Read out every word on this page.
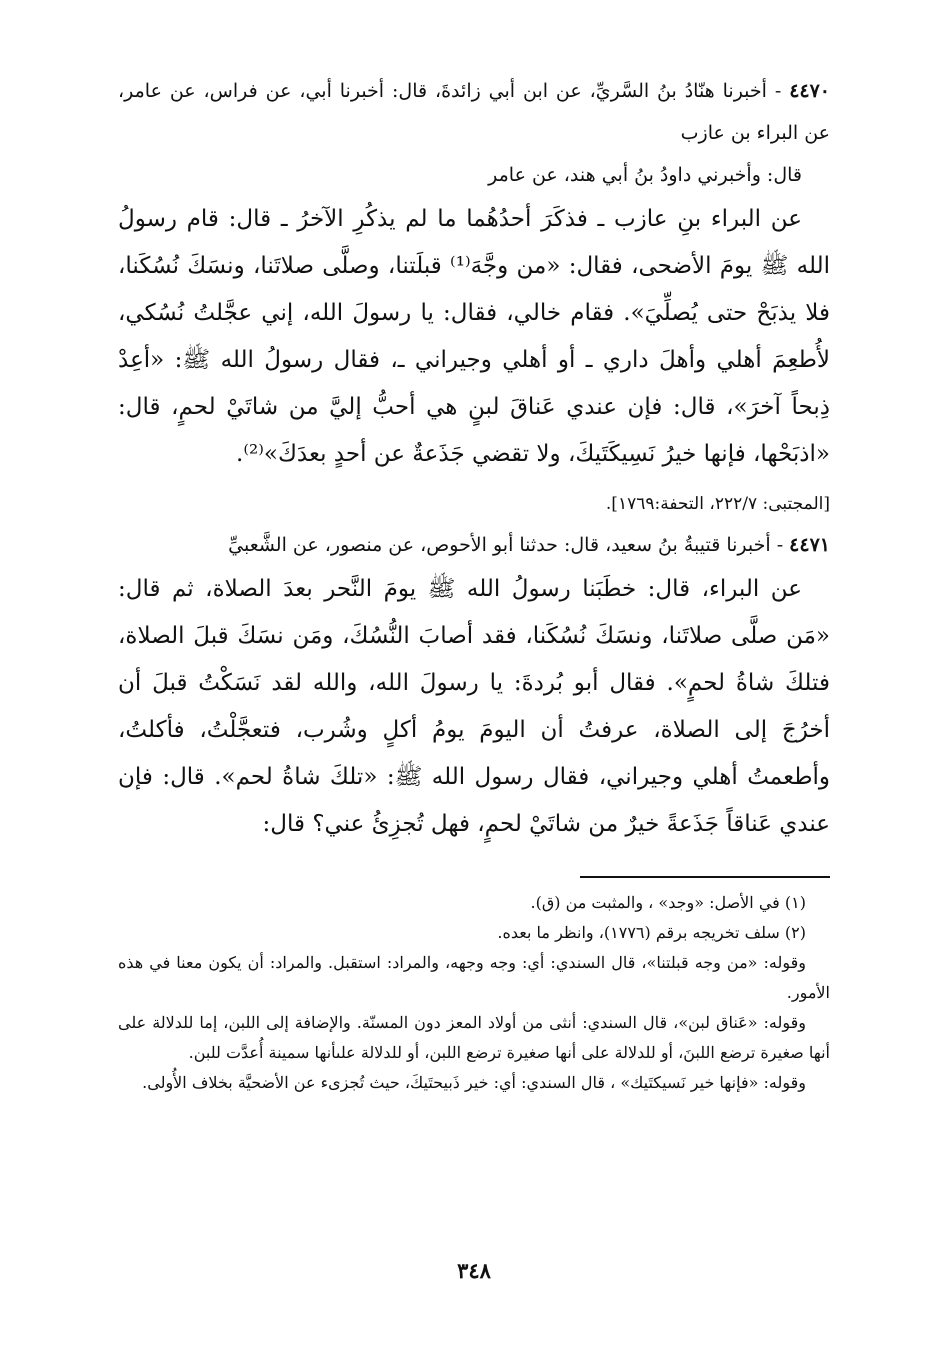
٤٤٧٠ - أخبرنا هنّادُ بنُ السَّريِّ، عن ابن أبي زائدةَ، قال: أخبرنا أبي، عن فراس، عن عامر، عن البراء بن عازب

قال: وأخبرني داودُ بنُ أبي هند، عن عامر

عن البراء بنِ عازب ـ فذكَرَ أحدُهُما ما لم يذكُرِ الآخرُ ـ قال: قام رسولُ الله ﷺ يومَ الأضحى، فقال: «من وجَّهَ⁽¹⁾ قبلَتنا، وصلَّى صلاتَنا، ونسَكَ نُسُكَنا، فلا يذبَحْ حتى يُصلِّيَ». فقام خالي، فقال: يا رسولَ الله، إني عجَّلتُ نُسُكي، لأُطعِمَ أهلي وأهلَ داري ـ أو أهلي وجيراني ـ، فقال رسولُ الله ﷺ: «أعِدْ ذِبحاً آخرَ»، قال: فإن عندي عَناقَ لبنٍ هي أحبُّ إليَّ من شاتَيْ لحمٍ، قال: «اذبَحْها، فإنها خيرُ نَسِيكَتَيكَ، ولا تقضي جَذَعةٌ عن أحدٍ بعدَكَ»⁽²⁾.

[المجتبى: ٢٢٢/٧، التحفة:١٧٦٩].

٤٤٧١ - أخبرنا قتيبةُ بنُ سعيد، قال: حدثنا أبو الأحوص، عن منصور، عن الشَّعبيِّ

عن البراء، قال: خطَبَنا رسولُ الله ﷺ يومَ النَّحر بعدَ الصلاة، ثم قال: «مَن صلَّى صلاتَنا، ونسَكَ نُسُكَنا، فقد أصابَ النُّسُكَ، ومَن نسَكَ قبلَ الصلاة، فتلكَ شاةُ لحمٍ». فقال أبو بُردةَ: يا رسولَ الله، والله لقد نَسَكْتُ قبلَ أن أخرُجَ إلى الصلاة، عرفتُ أن اليومَ يومُ أكلٍ وشُرب، فتعجَّلْتُ، فأكلتُ، وأطعمتُ أهلي وجيراني، فقال رسول الله ﷺ: «تلكَ شاةُ لحم». قال: فإن عندي عَناقاً جَذَعةً خيرٌ من شاتَيْ لحمٍ، فهل تُجزِئُ عني؟ قال:

(١) في الأصل: «وجد» ، والمثبت من (ق).

(٢) سلف تخريجه برقم (١٧٧٦)، وانظر ما بعده.

وقوله: «من وجه قبلتنا»، قال السندي: أي: وجه وجهه، والمراد: استقبل. والمراد: أن يكون معنا في هذه الأمور.

وقوله: «عَناق لبن»، قال السندي: أنثى من أولاد المعز دون المسنّة. والإضافة إلى اللبن، إما للدلالة على أنها صغيرة ترضع اللبنَ، أو للدلالة على أنها صغيرة ترضع اللبن، أو للدلالة علىأنها سمينة أُعدَّت للبن.

وقوله: «فإنها خير نَسيكتَيك» ، قال السندي: أي: خير ذَبيحتَيكَ، حيث تُجزىء عن الأضحيَّة بخلاف الأُولى.

٣٤٨
